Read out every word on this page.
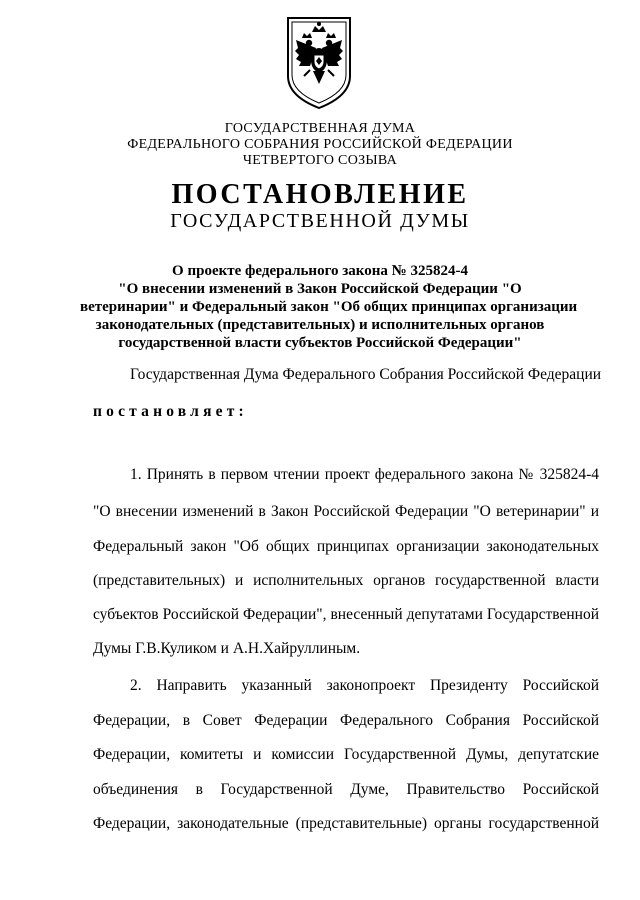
ГОСУДАРСТВЕННАЯ ДУМА
ФЕДЕРАЛЬНОГО СОБРАНИЯ РОССИЙСКОЙ ФЕДЕРАЦИИ
ЧЕТВЕРТОГО СОЗЫВА
ПОСТАНОВЛЕНИЕ
ГОСУДАРСТВЕННОЙ ДУМЫ
О проекте федерального закона № 325824-4
"О внесении изменений в Закон Российской Федерации "О
ветеринарии" и Федеральный закон "Об общих принципах организации
законодательных (представительных) и исполнительных органов
государственной власти субъектов Российской Федерации"
Государственная Дума Федерального Собрания Российской Федерации
постановляет:
1. Принять в первом чтении проект федерального закона № 325824-4
"О внесении изменений в Закон Российской Федерации "О ветеринарии" и
Федеральный закон "Об общих принципах организации законодательных
(представительных) и исполнительных органов государственной власти
субъектов Российской Федерации", внесенный депутатами Государственной
Думы Г.В.Куликом и А.Н.Хайруллиным.
2. Направить указанный законопроект Президенту Российской
Федерации, в Совет Федерации Федерального Собрания Российской
Федерации, комитеты и комиссии Государственной Думы, депутатские
объединения в Государственной Думе, Правительство Российской
Федерации, законодательные (представительные) органы государственной
